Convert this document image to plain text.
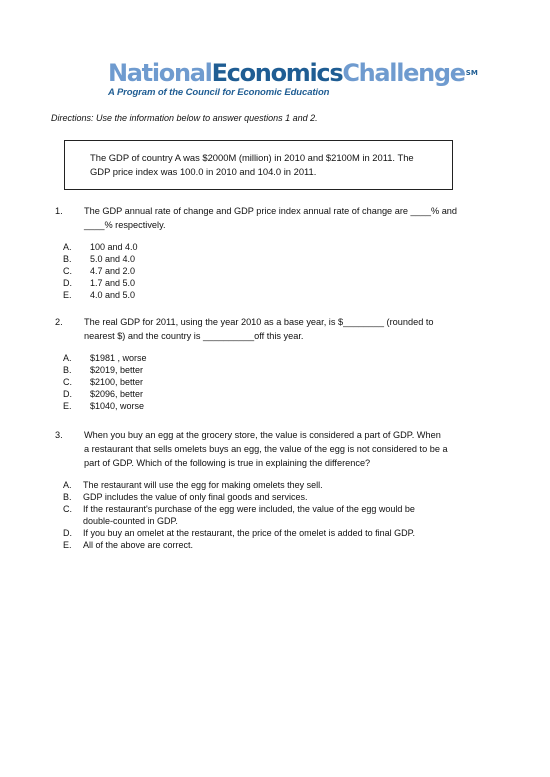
NationalEconomicsChallenge℠
A Program of the Council for Economic Education
Directions: Use the information below to answer questions 1 and 2.
The GDP of country A was $2000M (million) in 2010 and $2100M in 2011. The
GDP price index was 100.0 in 2010 and 104.0 in 2011.
1. The GDP annual rate of change and GDP price index annual rate of change are ____% and
____% respectively.
A.	100 and 4.0
B.	5.0 and 4.0
C.	4.7 and 2.0
D.	1.7 and 5.0
E.	4.0 and 5.0
2. The real GDP for 2011, using the year 2010 as a base year, is $________ (rounded to
nearest $) and the country is __________off this year.
A.	$1981 , worse
B.	$2019, better
C.	$2100, better
D.	$2096, better
E.	$1040, worse
3. When you buy an egg at the grocery store, the value is considered a part of GDP. When
a restaurant that sells omelets buys an egg, the value of the egg is not considered to be a
part of GDP. Which of the following is true in explaining the difference?
A.	The restaurant will use the egg for making omelets they sell.
B.	GDP includes the value of only final goods and services.
C.	If the restaurant's purchase of the egg were included, the value of the egg would be
double-counted in GDP.
D.	If you buy an omelet at the restaurant, the price of the omelet is added to final GDP.
E.	All of the above are correct.
